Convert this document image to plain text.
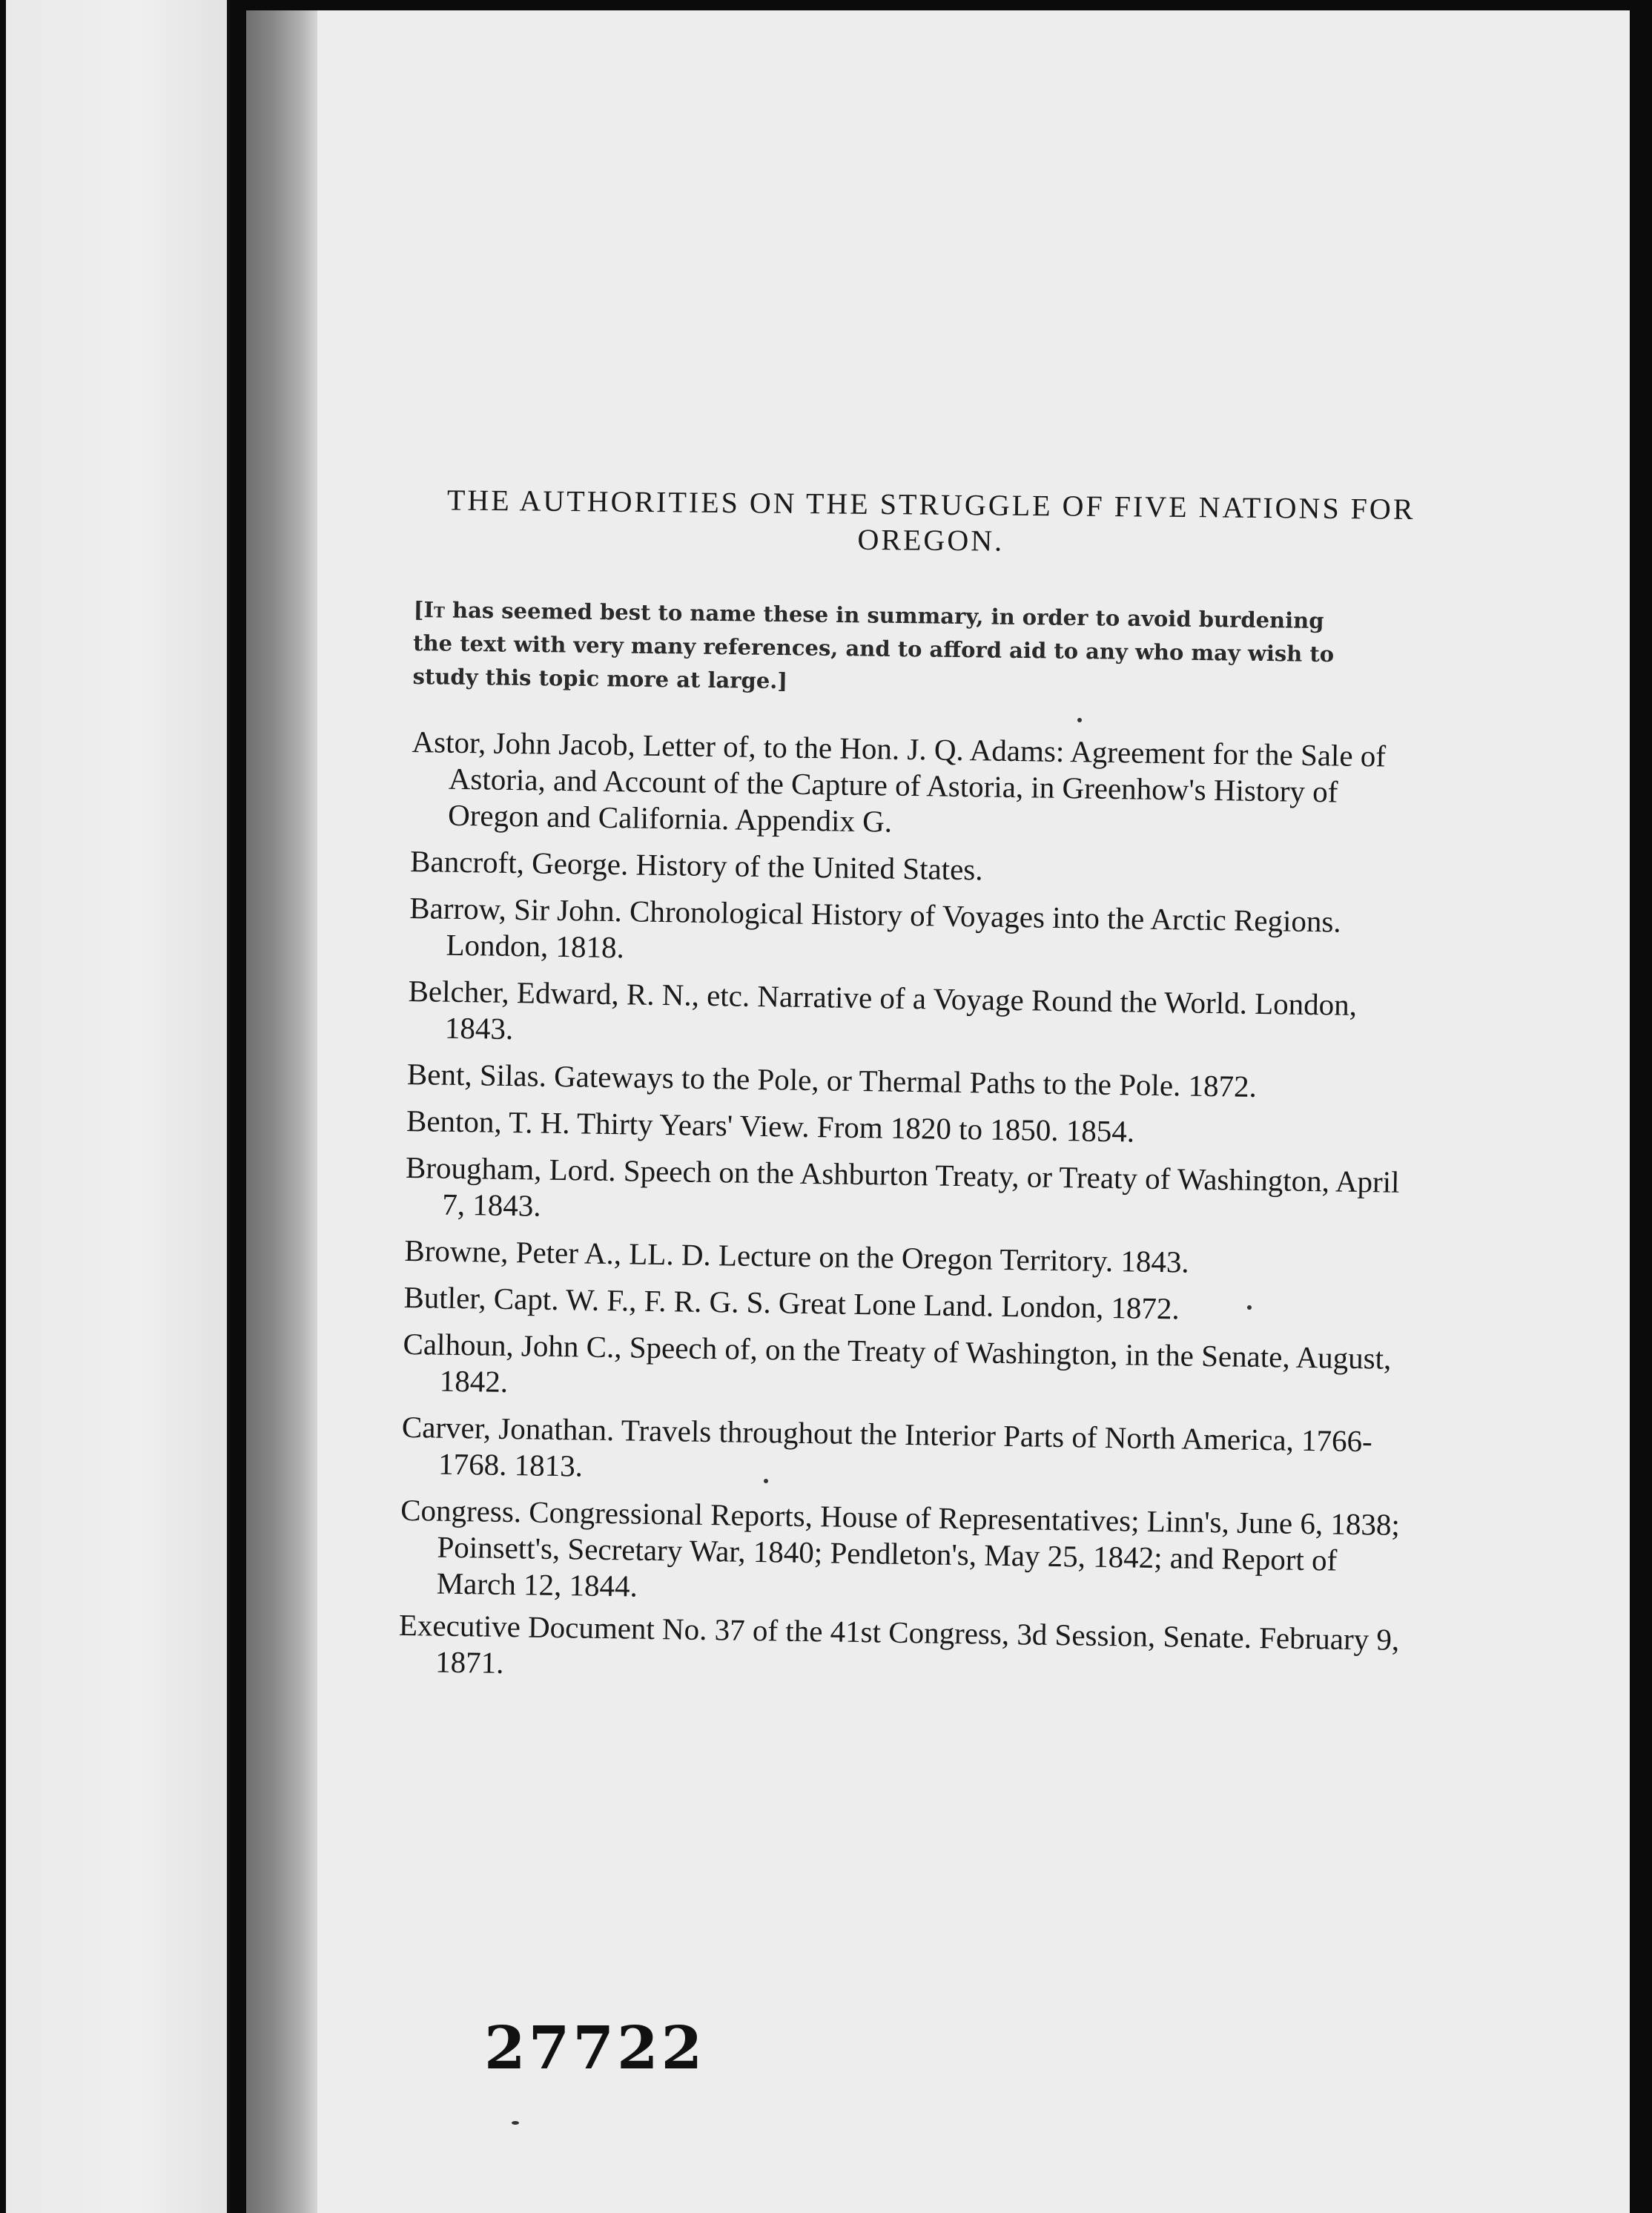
THE AUTHORITIES ON THE STRUGGLE OF FIVE NATIONS FOR OREGON.
[It has seemed best to name these in summary, in order to avoid burdening the text with very many references, and to afford aid to any who may wish to study this topic more at large.]
Astor, John Jacob, Letter of, to the Hon. J. Q. Adams: Agreement for the Sale of Astoria, and Account of the Capture of Astoria, in Greenhow's History of Oregon and California. Appendix G.
Bancroft, George. History of the United States.
Barrow, Sir John. Chronological History of Voyages into the Arctic Regions. London, 1818.
Belcher, Edward, R. N., etc. Narrative of a Voyage Round the World. London, 1843.
Bent, Silas. Gateways to the Pole, or Thermal Paths to the Pole. 1872.
Benton, T. H. Thirty Years' View. From 1820 to 1850. 1854.
Brougham, Lord. Speech on the Ashburton Treaty, or Treaty of Washington, April 7, 1843.
Browne, Peter A., LL. D. Lecture on the Oregon Territory. 1843.
Butler, Capt. W. F., F. R. G. S. Great Lone Land. London, 1872.
Calhoun, John C., Speech of, on the Treaty of Washington, in the Senate, August, 1842.
Carver, Jonathan. Travels throughout the Interior Parts of North America, 1766-1768. 1813.
Congress. Congressional Reports, House of Representatives; Linn's, June 6, 1838; Poinsett's, Secretary War, 1840; Pendleton's, May 25, 1842; and Report of March 12, 1844.
Executive Document No. 37 of the 41st Congress, 3d Session, Senate. February 9, 1871.
27722
